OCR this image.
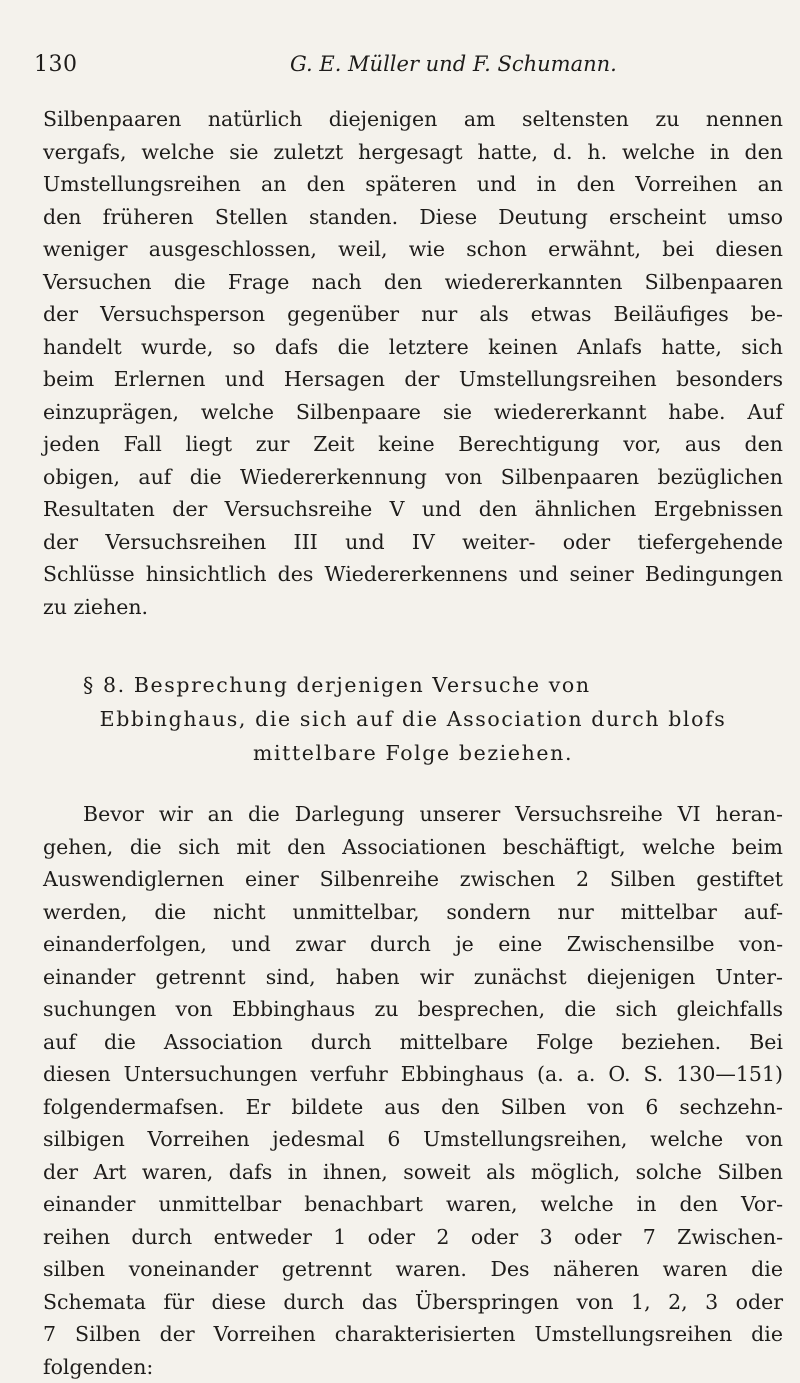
130	G. E. Müller und F. Schumann.
Silbenpaaren natürlich diejenigen am seltensten zu nennen
vergafs, welche sie zuletzt hergesagt hatte, d. h. welche in den
Umstellungsreihen an den späteren und in den Vorreihen an
den früheren Stellen standen. Diese Deutung erscheint umso
weniger ausgeschlossen, weil, wie schon erwähnt, bei diesen
Versuchen die Frage nach den wiedererkannten Silbenpaaren
der Versuchsperson gegenüber nur als etwas Beiläufiges be-
handelt wurde, so dafs die letztere keinen Anlafs hatte, sich
beim Erlernen und Hersagen der Umstellungsreihen besonders
einzuprägen, welche Silbenpaare sie wiedererkannt habe. Auf
jeden Fall liegt zur Zeit keine Berechtigung vor, aus den
obigen, auf die Wiedererkennung von Silbenpaaren bezüglichen
Resultaten der Versuchsreihe V und den ähnlichen Ergebnissen
der Versuchsreihen III und IV weiter- oder tiefergehende
Schlüsse hinsichtlich des Wiedererkennens und seiner Bedingungen
zu ziehen.
§ 8. Besprechung derjenigen Versuche von
Ebbinghaus, die sich auf die Association durch blofs
mittelbare Folge beziehen.
Bevor wir an die Darlegung unserer Versuchsreihe VI heran-
gehen, die sich mit den Associationen beschäftigt, welche beim
Auswendiglernen einer Silbenreihe zwischen 2 Silben gestiftet
werden, die nicht unmittelbar, sondern nur mittelbar auf-
einanderfolgen, und zwar durch je eine Zwischensilbe von-
einander getrennt sind, haben wir zunächst diejenigen Unter-
suchungen von Ebbinghaus zu besprechen, die sich gleichfalls
auf die Association durch mittelbare Folge beziehen. Bei
diesen Untersuchungen verfuhr Ebbinghaus (a. a. O. S. 130—151)
folgendermafsen. Er bildete aus den Silben von 6 sechzehn-
silbigen Vorreihen jedesmal 6 Umstellungsreihen, welche von
der Art waren, dafs in ihnen, soweit als möglich, solche Silben
einander unmittelbar benachbart waren, welche in den Vor-
reihen durch entweder 1 oder 2 oder 3 oder 7 Zwischen-
silben voneinander getrennt waren. Des näheren waren die
Schemata für diese durch das Überspringen von 1, 2, 3 oder
7 Silben der Vorreihen charakterisierten Umstellungsreihen die
folgenden:
